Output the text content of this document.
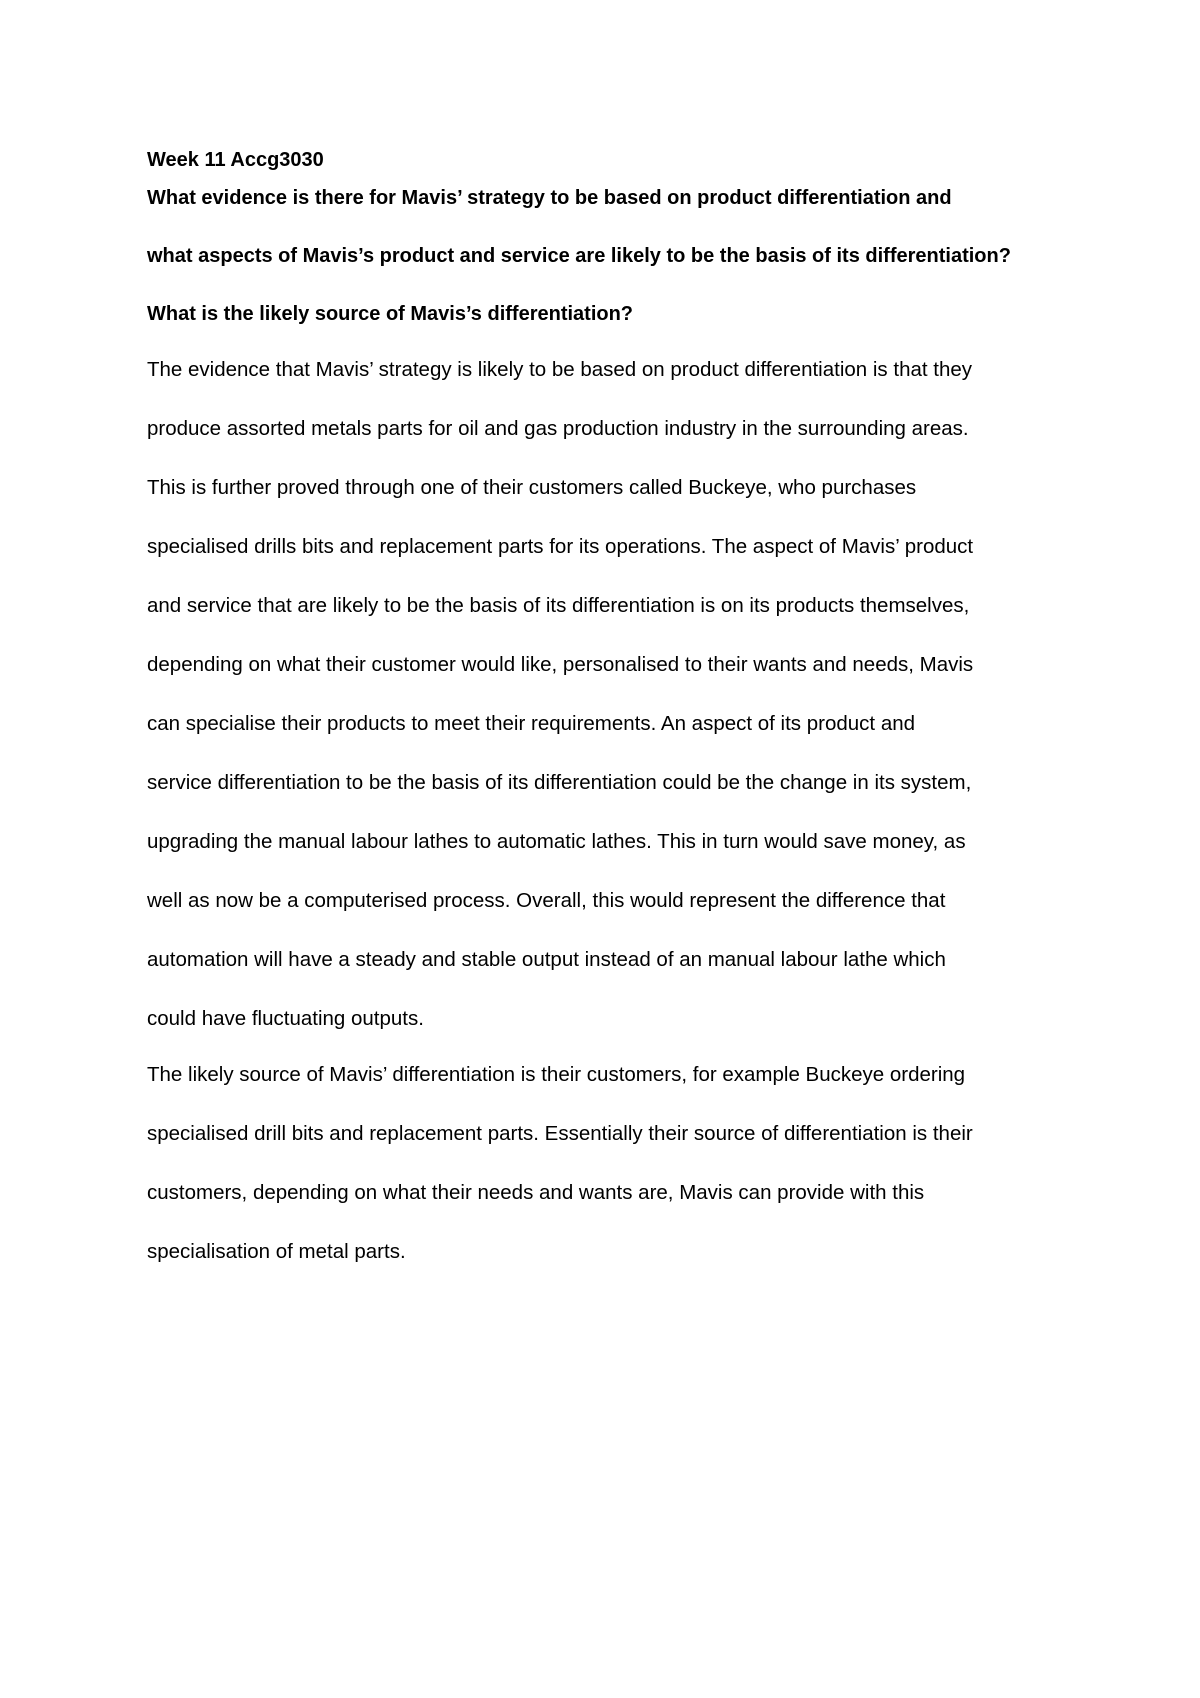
Week 11 Accg3030
What evidence is there for Mavis’ strategy to be based on product differentiation and
what aspects of Mavis’s product and service are likely to be the basis of its differentiation?
What is the likely source of Mavis’s differentiation?
The evidence that Mavis’ strategy is likely to be based on product differentiation is that they
produce assorted metals parts for oil and gas production industry in the surrounding areas.
This is further proved through one of their customers called Buckeye, who purchases
specialised drills bits and replacement parts for its operations. The aspect of Mavis’ product
and service that are likely to be the basis of its differentiation is on its products themselves,
depending on what their customer would like, personalised to their wants and needs, Mavis
can specialise their products to meet their requirements. An aspect of its product and
service differentiation to be the basis of its differentiation could be the change in its system,
upgrading the manual labour lathes to automatic lathes. This in turn would save money, as
well as now be a computerised process. Overall, this would represent the difference that
automation will have a steady and stable output instead of an manual labour lathe which
could have fluctuating outputs.
The likely source of Mavis’ differentiation is their customers, for example Buckeye ordering
specialised drill bits and replacement parts. Essentially their source of differentiation is their
customers, depending on what their needs and wants are, Mavis can provide with this
specialisation of metal parts.
